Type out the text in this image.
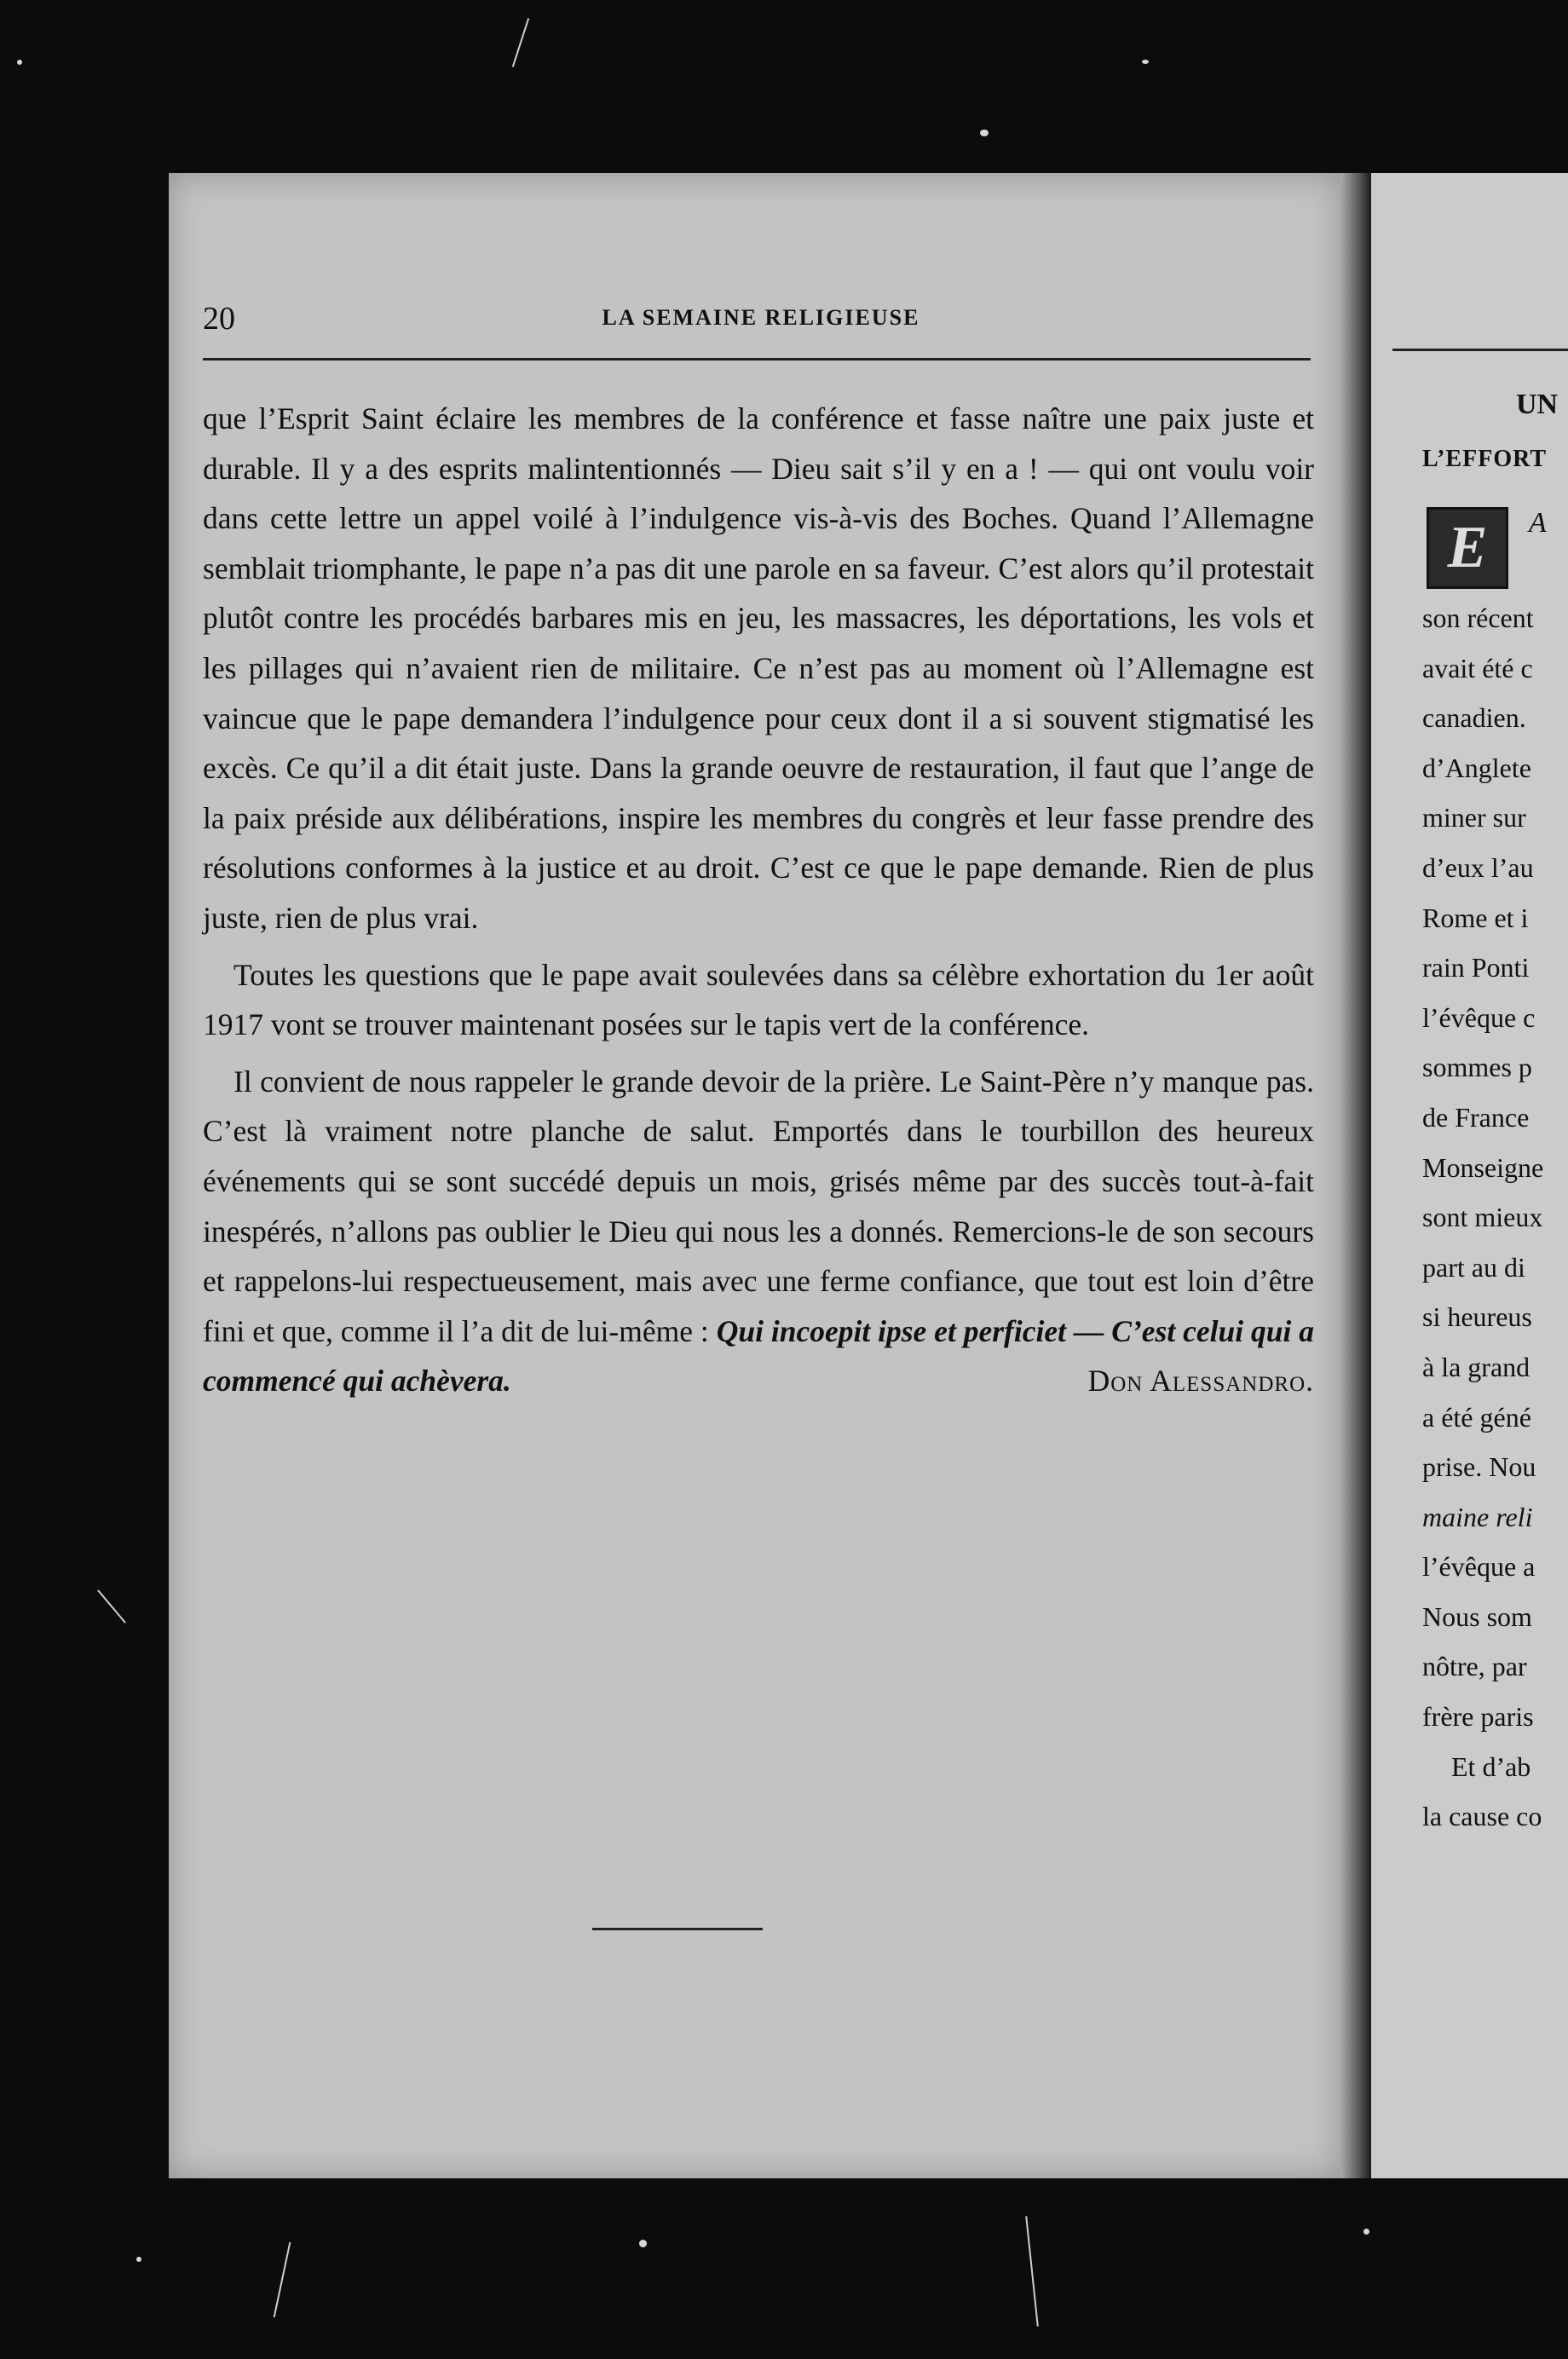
20	LA SEMAINE RELIGIEUSE

que l’Esprit Saint éclaire les membres de la conférence et fasse naître une paix juste et durable. Il y a des esprits malintentionnés — Dieu sait s’il y en a ! — qui ont voulu voir dans cette lettre un appel voilé à l’indulgence vis-à-vis des Boches. Quand l’Allemagne semblait triomphante, le pape n’a pas dit une parole en sa faveur. C’est alors qu’il protestait plutôt contre les procédés barbares mis en jeu, les massacres, les déportations, les vols et les pillages qui n’avaient rien de militaire. Ce n’est pas au moment où l’Allemagne est vaincue que le pape demandera l’indulgence pour ceux dont il a si souvent stigmatisé les excès. Ce qu’il a dit était juste. Dans la grande oeuvre de restauration, il faut que l’ange de la paix préside aux délibérations, inspire les membres du congrès et leur fasse prendre des résolutions conformes à la justice et au droit. C’est ce que le pape demande. Rien de plus juste, rien de plus vrai.

Toutes les questions que le pape avait soulevées dans sa célèbre exhortation du 1er août 1917 vont se trouver maintenant posées sur le tapis vert de la conférence.

Il convient de nous rappeler le grande devoir de la prière. Le Saint-Père n’y manque pas. C’est là vraiment notre planche de salut. Emportés dans le tourbillon des heureux événements qui se sont succédé depuis un mois, grisés même par des succès tout-à-fait inespérés, n’allons pas oublier le Dieu qui nous les a donnés. Remercions-le de son secours et rappelons-lui respectueusement, mais avec une ferme confiance, que tout est loin d’être fini et que, comme il l’a dit de lui-même : Qui incoepit ipse et perficiet — C’est celui qui a commencé qui achèvera.	Don Alessandro.

UN
L’EFFORT
E A
son récent
avait été c
canadien.
d’Anglete
miner sur
d’eux l’au
Rome et i
rain Ponti
l’évêque c
sommes p
de France
Monseigne
sont mieux
part au di
si heureus
à la grand
a été géné
prise. Nou
maine reli
l’évêque a
Nous som
nôtre, par
frère paris
Et d’ab
la cause co
